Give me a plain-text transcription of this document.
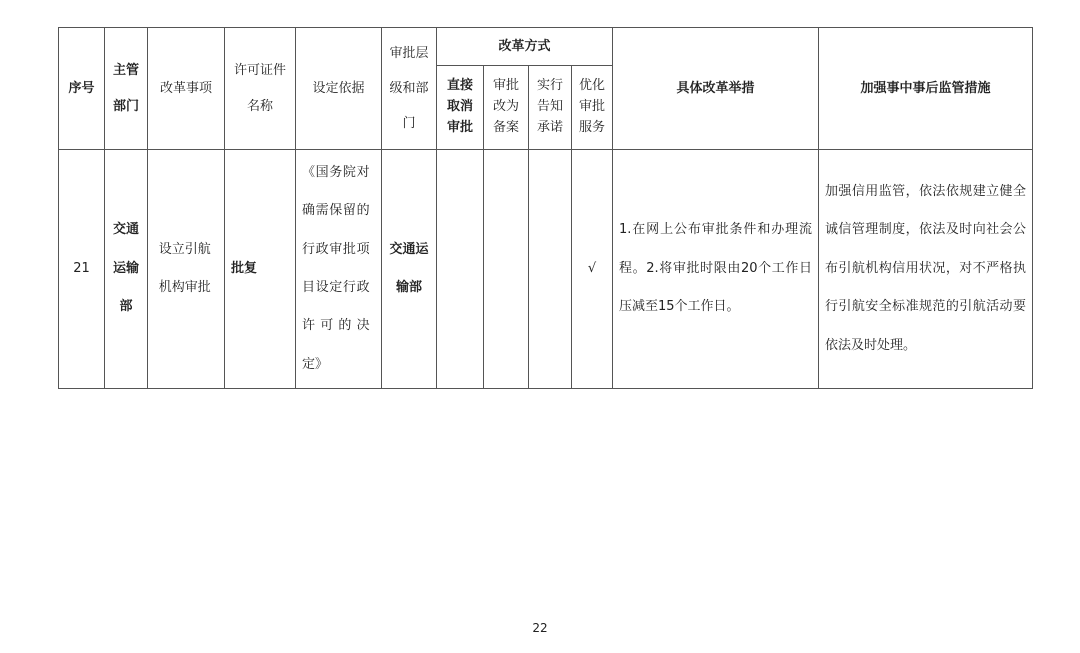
序号	主管部门	改革事项	许可证件名称	设定依据	审批层级和部门	改革方式				具体改革举措	加强事中事后监管措施
						直接取消审批	审批改为备案	实行告知承诺	优化审批服务		
21	交通运输部	设立引航机构审批	批复	《国务院对确需保留的行政审批项目设定行政许可的决定》	交通运输部				√	1.在网上公布审批条件和办理流程。2.将审批时限由20个工作日压减至15个工作日。	加强信用监管，依法依规建立健全诚信管理制度，依法及时向社会公布引航机构信用状况，对不严格执行引航安全标准规范的引航活动要依法及时处理。
22
